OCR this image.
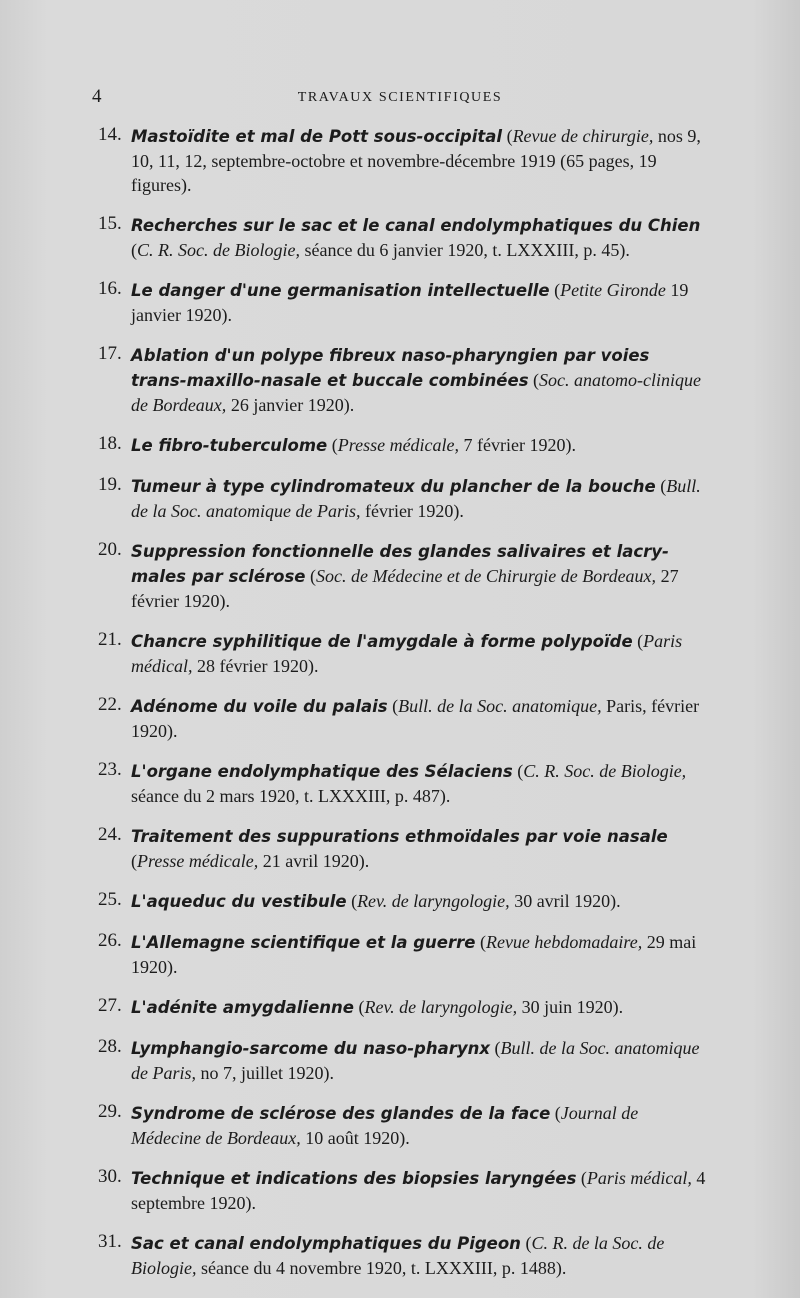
4	TRAVAUX SCIENTIFIQUES
14. Mastoïdite et mal de Pott sous-occipital (Revue de chirurgie, nos 9, 10, 11, 12, septembre-octobre et novembre-décembre 1919 (65 pages, 19 figures).
15. Recherches sur le sac et le canal endolymphatiques du Chien (C. R. Soc. de Biologie, séance du 6 janvier 1920, t. LXXXIII, p. 45).
16. Le danger d'une germanisation intellectuelle (Petite Gironde 19 janvier 1920).
17. Ablation d'un polype fibreux naso-pharyngien par voies trans-maxillo-nasale et buccale combinées (Soc. anatomo-clinique de Bordeaux, 26 janvier 1920).
18. Le fibro-tuberculome (Presse médicale, 7 février 1920).
19. Tumeur à type cylindromateux du plancher de la bouche (Bull. de la Soc. anatomique de Paris, février 1920).
20. Suppression fonctionnelle des glandes salivaires et lacry-males par sclérose (Soc. de Médecine et de Chirurgie de Bordeaux, 27 février 1920).
21. Chancre syphilitique de l'amygdale à forme polypoïde (Paris médical, 28 février 1920).
22. Adénome du voile du palais (Bull. de la Soc. anatomique, Paris, février 1920).
23. L'organe endolymphatique des Sélaciens (C. R. Soc. de Biologie, séance du 2 mars 1920, t. LXXXIII, p. 487).
24. Traitement des suppurations ethmoïdales par voie nasale (Presse médicale, 21 avril 1920).
25. L'aqueduc du vestibule (Rev. de laryngologie, 30 avril 1920).
26. L'Allemagne scientifique et la guerre (Revue hebdomadaire, 29 mai 1920).
27. L'adénite amygdalienne (Rev. de laryngologie, 30 juin 1920).
28. Lymphangio-sarcome du naso-pharynx (Bull. de la Soc. anatomique de Paris, no 7, juillet 1920).
29. Syndrome de sclérose des glandes de la face (Journal de Médecine de Bordeaux, 10 août 1920).
30. Technique et indications des biopsies laryngées (Paris médical, 4 septembre 1920).
31. Sac et canal endolymphatiques du Pigeon (C. R. de la Soc. de Biologie, séance du 4 novembre 1920, t. LXXXIII, p. 1488).
